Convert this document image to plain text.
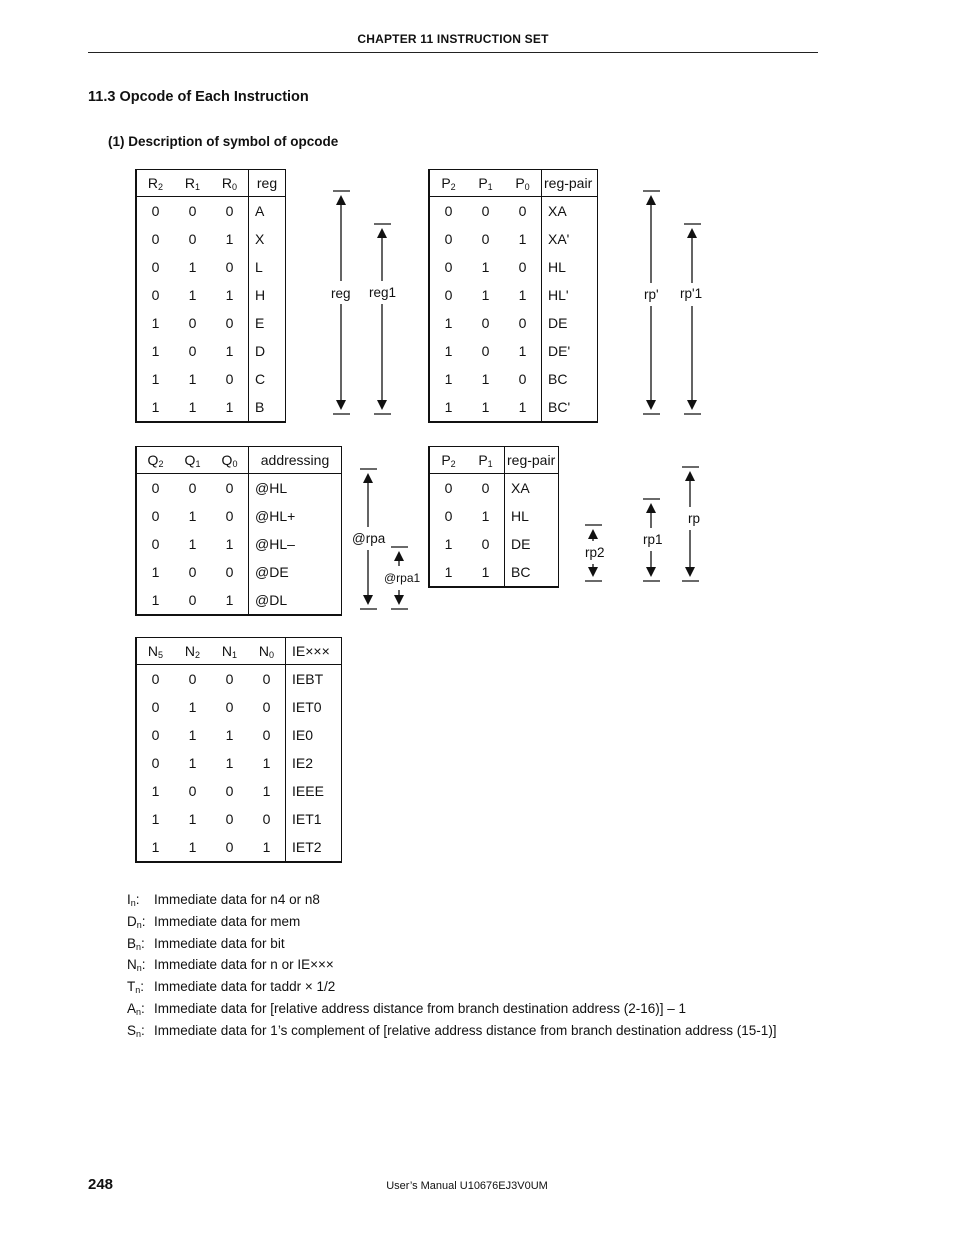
CHAPTER 11 INSTRUCTION SET
11.3 Opcode of Each Instruction
(1) Description of symbol of opcode
$R_2$	$R_1$	$R_0$	reg
0	0	0	A
0	0	1	X
0	1	0	L
0	1	1	H
1	0	0	E
1	0	1	D
1	1	0	C
1	1	1	B
$P_2$	$P_1$	$P_0$	reg-pair
0	0	0	XA
0	0	1	XA'
0	1	0	HL
0	1	1	HL'
1	0	0	DE
1	0	1	DE'
1	1	0	BC
1	1	1	BC'
$Q_2$	$Q_1$	$Q_0$	addressing
0	0	0	@HL
0	1	0	@HL+
0	1	1	@HL–
1	0	0	@DE
1	0	1	@DL
$P_2$	$P_1$	reg-pair
0	0	XA
0	1	HL
1	0	DE
1	1	BC
$N_5$	$N_2$	$N_1$	$N_0$	IE×××
0	0	0	0	IEBT
0	1	0	0	IET0
0	1	1	0	IE0
0	1	1	1	IE2
1	0	0	1	IEEE
1	1	0	0	IET1
1	1	0	1	IET2
reg reg1	rp' rp'1
@rpa
@rpa1
rp2
rp1
rp
$I_n$: Immediate data for n4 or n8
$D_n$: Immediate data for mem
$B_n$: Immediate data for bit
$N_n$: Immediate data for n or IE×××
$T_n$: Immediate data for taddr × 1/2
$A_n$: Immediate data for [relative address distance from branch destination address (2-16)] – 1
$S_n$: Immediate data for 1’s complement of [relative address distance from branch destination address (15-1)]
248	User’s Manual U10676EJ3V0UM
